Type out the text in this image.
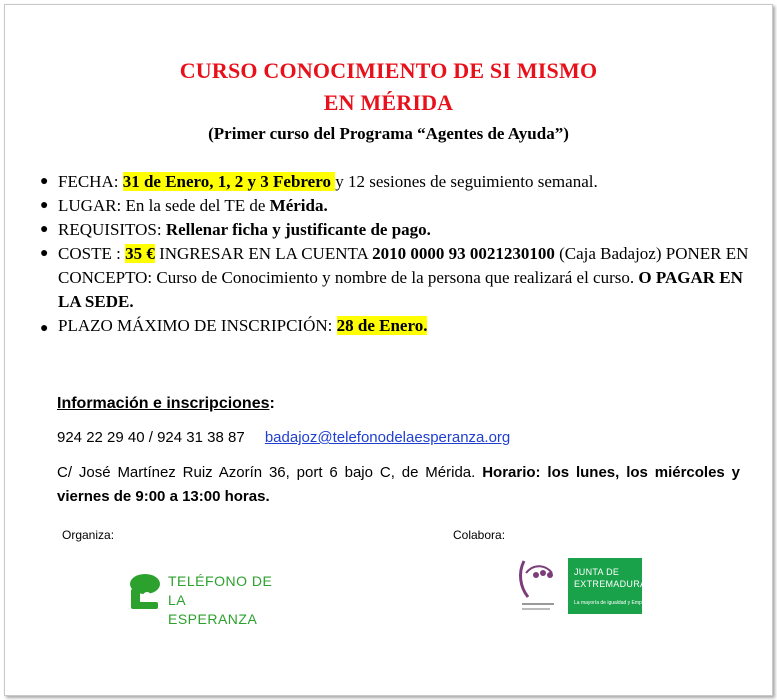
CURSO CONOCIMIENTO DE SI MISMO
EN MÉRIDA
(Primer curso del Programa “Agentes de Ayuda”)
● FECHA: 31 de Enero, 1, 2 y 3 Febrero y 12 sesiones de seguimiento semanal.
● LUGAR: En la sede del TE de Mérida.
● REQUISITOS: Rellenar ficha y justificante de pago.
● COSTE : 35 € INGRESAR EN LA CUENTA 2010 0000 93 0021230100 (Caja Badajoz) PONER EN CONCEPTO: Curso de Conocimiento y nombre de la persona que realizará el curso. O PAGAR EN LA SEDE.
● PLAZO MÁXIMO DE INSCRIPCIÓN: 28 de Enero.
Información e inscripciones:
924 22 29 40 / 924 31 38 87 badajoz@telefonodelaesperanza.org
C/ José Martínez Ruiz Azorín 36, port 6 bajo C, de Mérida. Horario: los lunes, los miércoles y viernes de 9:00 a 13:00 horas.
Organiza:	Colabora:
TELÉFONO DE
LA ESPERANZA
JUNTA DE
EXTREMADURA
La mayoría de igualdad y Empleo
